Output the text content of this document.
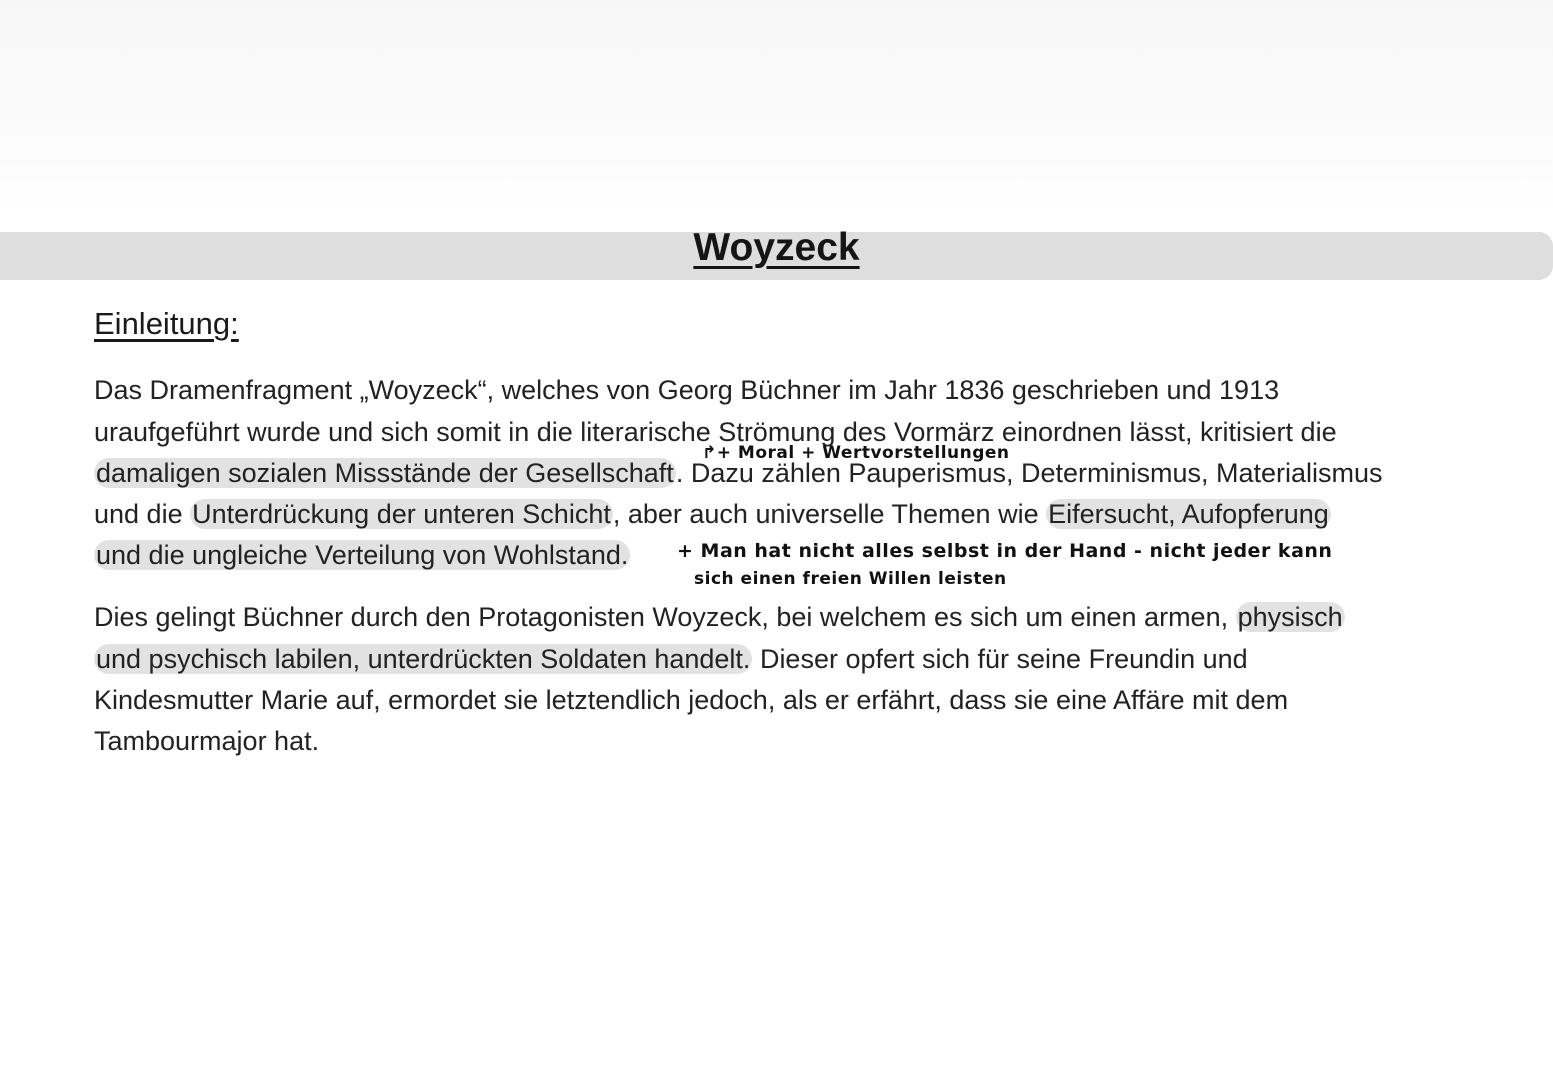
Woyzeck
Einleitung:
Das Dramenfragment „Woyzeck“, welches von Georg Büchner im Jahr 1836 geschrieben und 1913
uraufgeführt wurde und sich somit in die literarische Strömung des Vormärz einordnen lässt, kritisiert die
damaligen sozialen Missstände der Gesellschaft. Dazu zählen Pauperismus, Determinismus, Materialismus
und die Unterdrückung der unteren Schicht, aber auch universelle Themen wie Eifersucht, Aufopferung
und die ungleiche Verteilung von Wohlstand.
Dies gelingt Büchner durch den Protagonisten Woyzeck, bei welchem es sich um einen armen, physisch
und psychisch labilen, unterdrückten Soldaten handelt. Dieser opfert sich für seine Freundin und
Kindesmutter Marie auf, ermordet sie letztendlich jedoch, als er erfährt, dass sie eine Affäre mit dem
Tambourmajor hat.
↱+ Moral + Wertvorstellungen
+ Man hat nicht alles selbst in der Hand - nicht jeder kann
sich einen freien Willen leisten
